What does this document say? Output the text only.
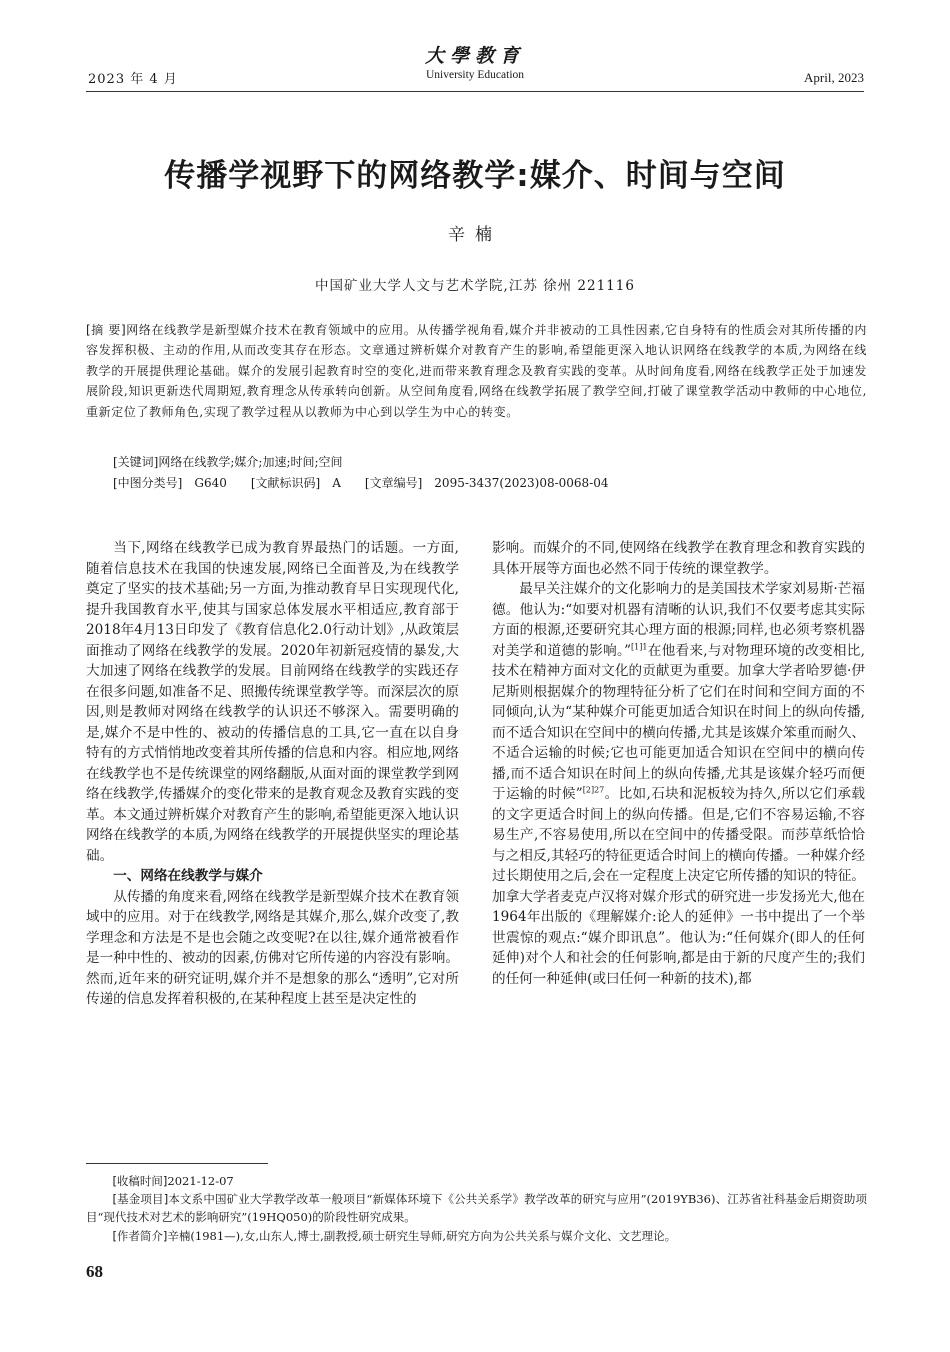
2023 年 4 月
大學教育
University Education	April, 2023
传播学视野下的网络教学:媒介、时间与空间
辛楠
中国矿业大学人文与艺术学院,江苏 徐州 221116
[摘 要]网络在线教学是新型媒介技术在教育领域中的应用。从传播学视角看,媒介并非被动的工具性因素,它自身特有的性质会对其所传播的内容发挥积极、主动的作用,从而改变其存在形态。文章通过辨析媒介对教育产生的影响,希望能更深入地认识网络在线教学的本质,为网络在线教学的开展提供理论基础。媒介的发展引起教育时空的变化,进而带来教育理念及教育实践的变革。从时间角度看,网络在线教学正处于加速发展阶段,知识更新迭代周期短,教育理念从传承转向创新。从空间角度看,网络在线教学拓展了教学空间,打破了课堂教学活动中教师的中心地位,重新定位了教师角色,实现了教学过程从以教师为中心到以学生为中心的转变。
[关键词]网络在线教学;媒介;加速;时间;空间
[中图分类号] G640 [文献标识码] A [文章编号] 2095-3437(2023)08-0068-04

当下,网络在线教学已成为教育界最热门的话题。一方面,随着信息技术在我国的快速发展,网络已全面普及,为在线教学奠定了坚实的技术基础;另一方面,为推动教育早日实现现代化,提升我国教育水平,使其与国家总体发展水平相适应,教育部于2018年4月13日印发了《教育信息化2.0行动计划》,从政策层面推动了网络在线教学的发展。2020年初新冠疫情的暴发,大大加速了网络在线教学的发展。目前网络在线教学的实践还存在很多问题,如准备不足、照搬传统课堂教学等。而深层次的原因,则是教师对网络在线教学的认识还不够深入。需要明确的是,媒介不是中性的、被动的传播信息的工具,它一直在以自身特有的方式悄悄地改变着其所传播的信息和内容。相应地,网络在线教学也不是传统课堂的网络翻版,从面对面的课堂教学到网络在线教学,传播媒介的变化带来的是教育观念及教育实践的变革。本文通过辨析媒介对教育产生的影响,希望能更深入地认识网络在线教学的本质,为网络在线教学的开展提供坚实的理论基础。

一、网络在线教学与媒介

从传播的角度来看,网络在线教学是新型媒介技术在教育领域中的应用。对于在线教学,网络是其媒介,那么,媒介改变了,教学理念和方法是不是也会随之改变呢?在以往,媒介通常被看作是一种中性的、被动的因素,仿佛对它所传递的内容没有影响。然而,近年来的研究证明,媒介并不是想象的那么“透明”,它对所传递的信息发挥着积极的,在某种程度上甚至是决定性的

影响。而媒介的不同,使网络在线教学在教育理念和教育实践的具体开展等方面也必然不同于传统的课堂教学。

最早关注媒介的文化影响力的是美国技术学家刘易斯·芒福德。他认为:“如要对机器有清晰的认识,我们不仅要考虑其实际方面的根源,还要研究其心理方面的根源;同样,也必须考察机器对美学和道德的影响。”$^{[1]1}$在他看来,与对物理环境的改变相比,技术在精神方面对文化的贡献更为重要。加拿大学者哈罗德·伊尼斯则根据媒介的物理特征分析了它们在时间和空间方面的不同倾向,认为“某种媒介可能更加适合知识在时间上的纵向传播,而不适合知识在空间中的横向传播,尤其是该媒介笨重而耐久、不适合运输的时候;它也可能更加适合知识在空间中的横向传播,而不适合知识在时间上的纵向传播,尤其是该媒介轻巧而便于运输的时候”$^{[2]27}$。比如,石块和泥板较为持久,所以它们承载的文字更适合时间上的纵向传播。但是,它们不容易运输,不容易生产,不容易使用,所以在空间中的传播受限。而莎草纸恰恰与之相反,其轻巧的特征更适合时间上的横向传播。一种媒介经过长期使用之后,会在一定程度上决定它所传播的知识的特征。加拿大学者麦克卢汉将对媒介形式的研究进一步发扬光大,他在1964年出版的《理解媒介:论人的延伸》一书中提出了一个举世震惊的观点:“媒介即讯息”。他认为:“任何媒介(即人的任何延伸)对个人和社会的任何影响,都是由于新的尺度产生的;我们的任何一种延伸(或曰任何一种新的技术),都

[收稿时间]2021-12-07
[基金项目]本文系中国矿业大学教学改革一般项目“新媒体环境下《公共关系学》教学改革的研究与应用”(2019YB36)、江苏省社科基金后期资助项目“现代技术对艺术的影响研究”(19HQ050)的阶段性研究成果。
[作者简介]辛楠(1981—),女,山东人,博士,副教授,硕士研究生导师,研究方向为公共关系与媒介文化、文艺理论。
68
